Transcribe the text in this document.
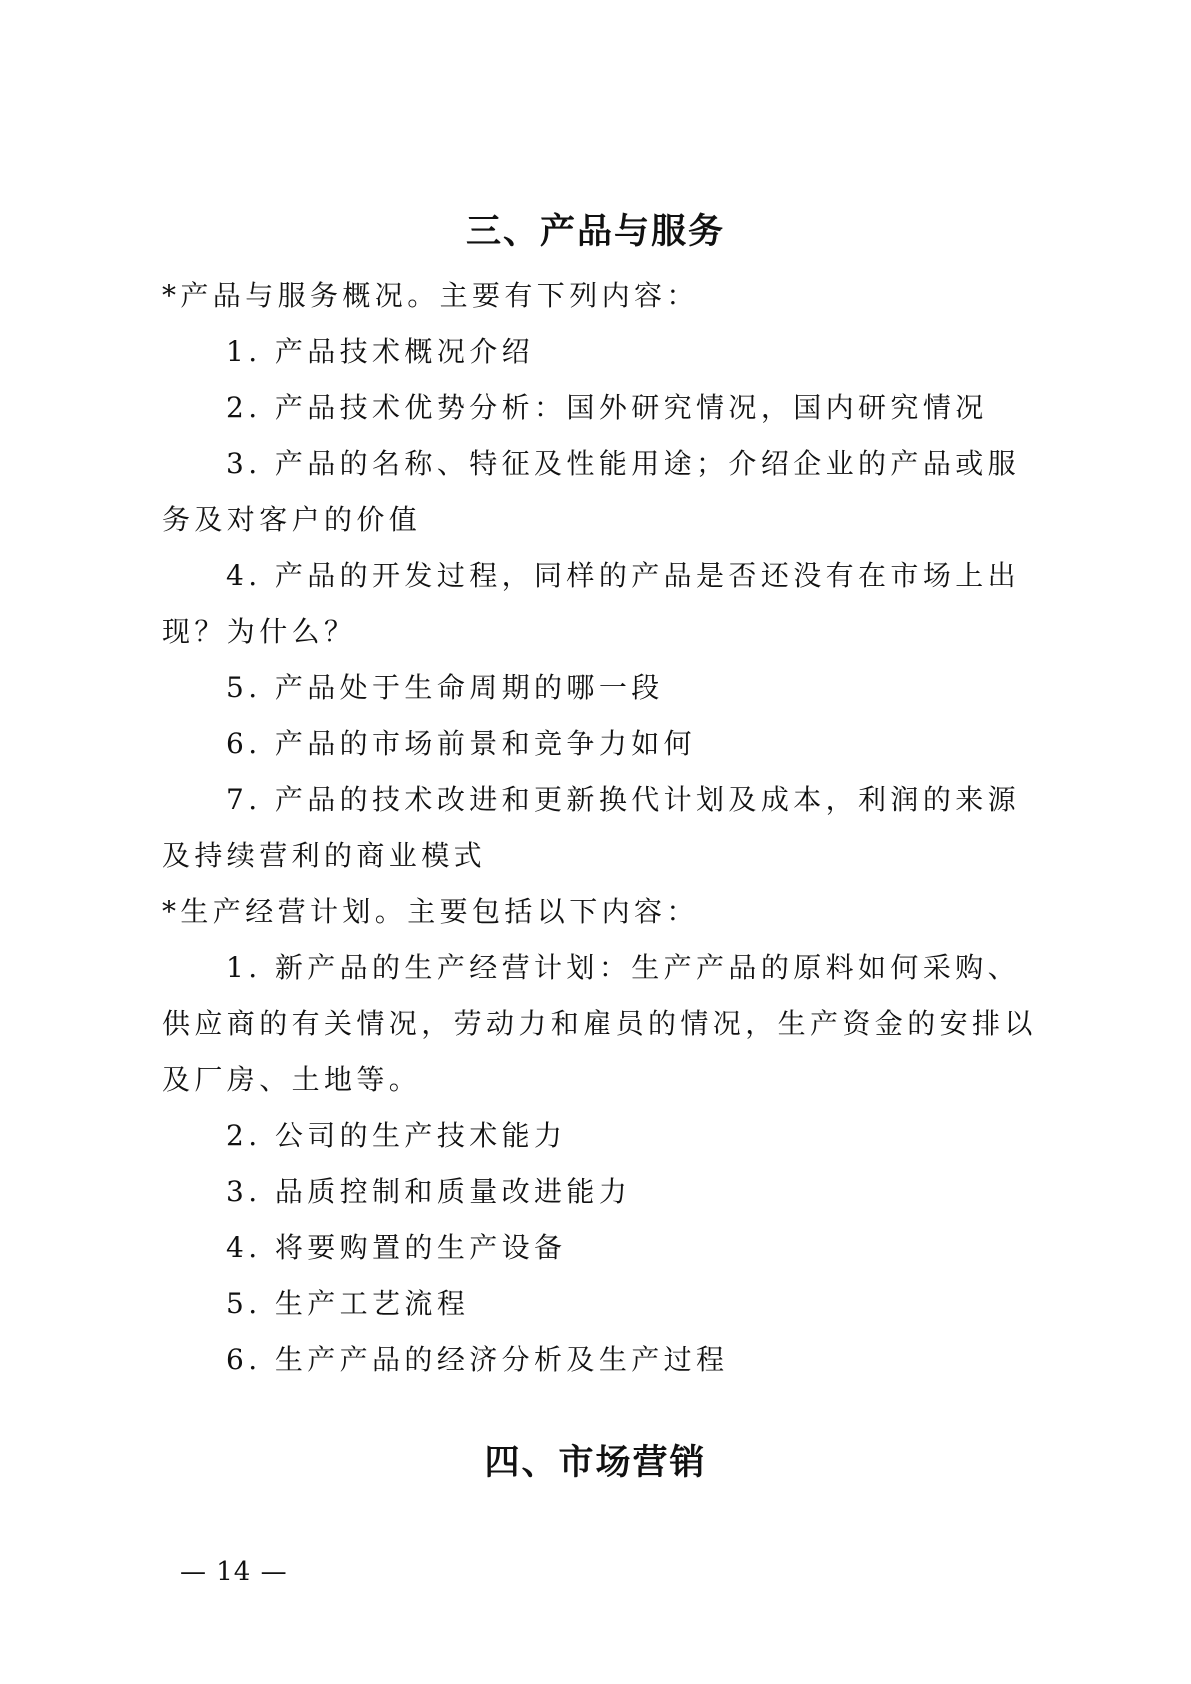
三、产品与服务

*产品与服务概况。主要有下列内容：

1. 产品技术概况介绍

2. 产品技术优势分析：国外研究情况，国内研究情况

3. 产品的名称、特征及性能用途；介绍企业的产品或服务及对客户的价值

4. 产品的开发过程，同样的产品是否还没有在市场上出现？为什么？

5. 产品处于生命周期的哪一段

6. 产品的市场前景和竞争力如何

7. 产品的技术改进和更新换代计划及成本，利润的来源及持续营利的商业模式

*生产经营计划。主要包括以下内容：

1. 新产品的生产经营计划：生产产品的原料如何采购、供应商的有关情况，劳动力和雇员的情况，生产资金的安排以及厂房、土地等。

2. 公司的生产技术能力

3. 品质控制和质量改进能力

4. 将要购置的生产设备

5. 生产工艺流程

6. 生产产品的经济分析及生产过程

四、市场营销
— 14 —
